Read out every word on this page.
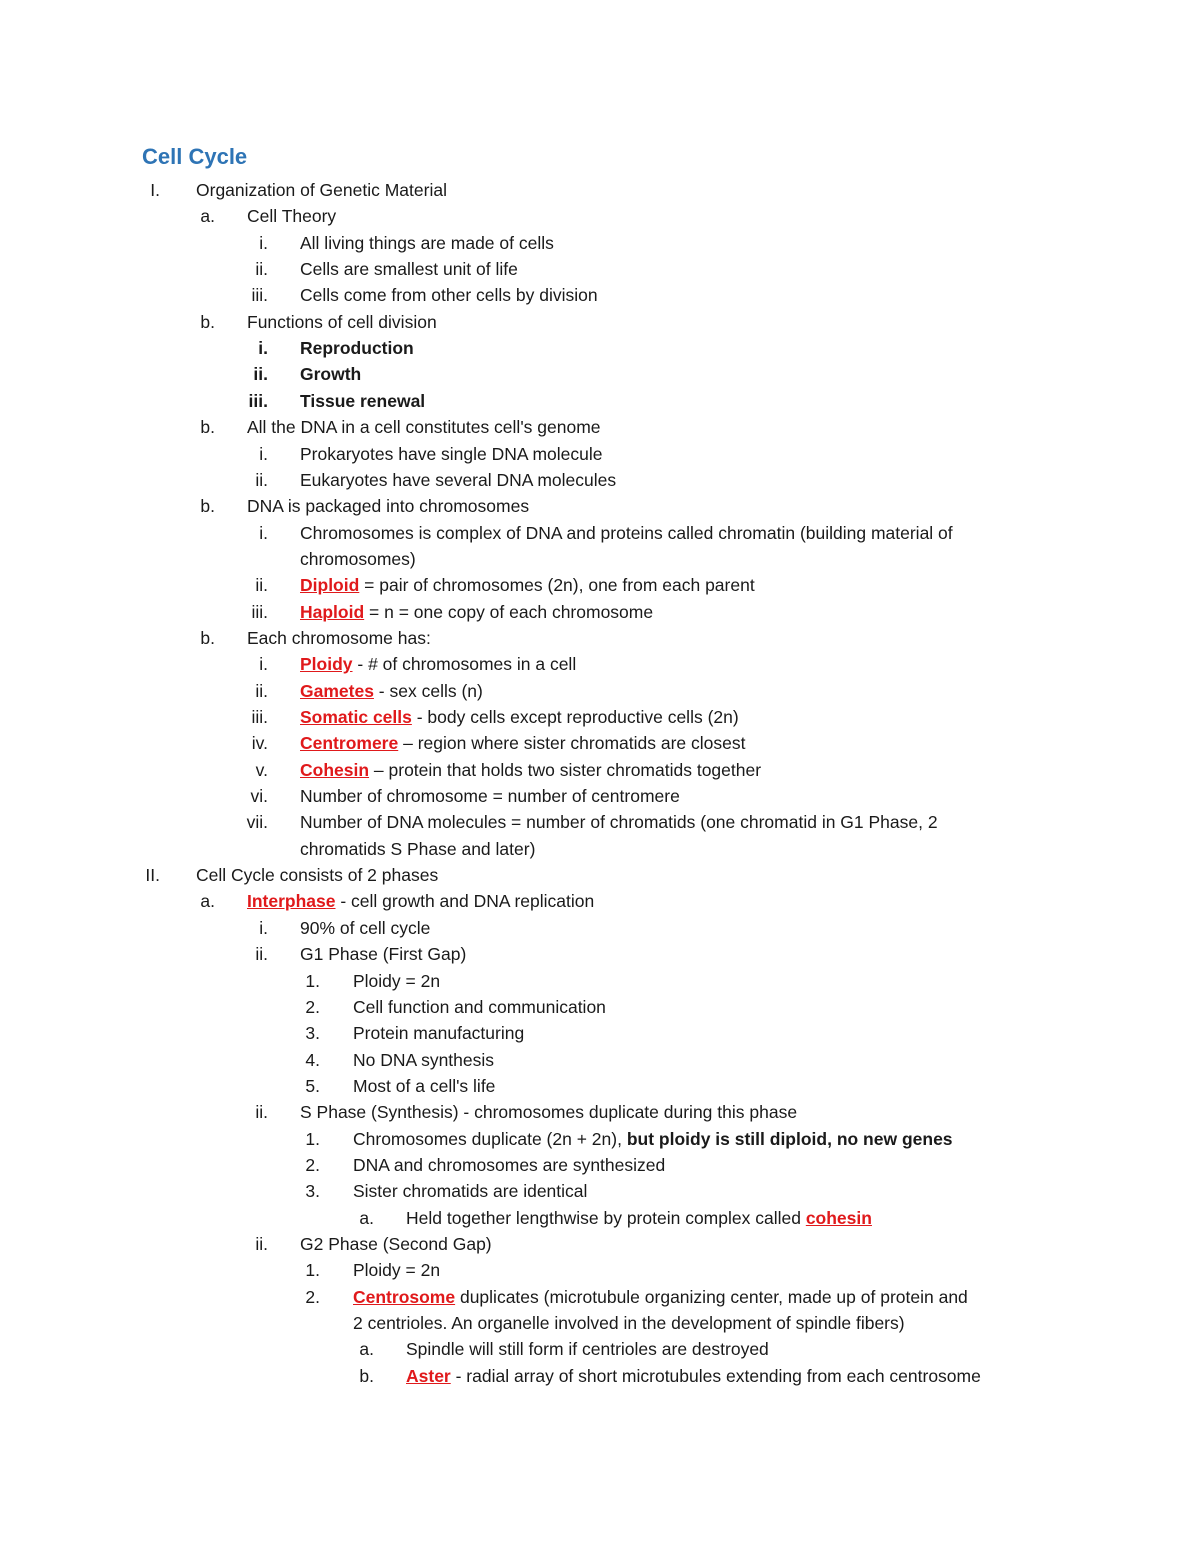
Cell Cycle
I. Organization of Genetic Material
a. Cell Theory
i. All living things are made of cells
ii. Cells are smallest unit of life
iii. Cells come from other cells by division
b. Functions of cell division
i. Reproduction
ii. Growth
iii. Tissue renewal
b. All the DNA in a cell constitutes cell's genome
i. Prokaryotes have single DNA molecule
ii. Eukaryotes have several DNA molecules
b. DNA is packaged into chromosomes
i. Chromosomes is complex of DNA and proteins called chromatin (building material of
chromosomes)
ii. Diploid = pair of chromosomes (2n), one from each parent
iii. Haploid = n = one copy of each chromosome
b. Each chromosome has:
i. Ploidy - # of chromosomes in a cell
ii. Gametes - sex cells (n)
iii. Somatic cells - body cells except reproductive cells (2n)
iv. Centromere – region where sister chromatids are closest
v. Cohesin – protein that holds two sister chromatids together
vi. Number of chromosome = number of centromere
vii. Number of DNA molecules = number of chromatids (one chromatid in G1 Phase, 2
chromatids S Phase and later)
II. Cell Cycle consists of 2 phases
a. Interphase - cell growth and DNA replication
i. 90% of cell cycle
ii. G1 Phase (First Gap)
1. Ploidy = 2n
2. Cell function and communication
3. Protein manufacturing
4. No DNA synthesis
5. Most of a cell's life
ii. S Phase (Synthesis) - chromosomes duplicate during this phase
1. Chromosomes duplicate (2n + 2n), but ploidy is still diploid, no new genes
2. DNA and chromosomes are synthesized
3. Sister chromatids are identical
a. Held together lengthwise by protein complex called cohesin
ii. G2 Phase (Second Gap)
1. Ploidy = 2n
2. Centrosome duplicates (microtubule organizing center, made up of protein and
2 centrioles. An organelle involved in the development of spindle fibers)
a. Spindle will still form if centrioles are destroyed
b. Aster - radial array of short microtubules extending from each centrosome
